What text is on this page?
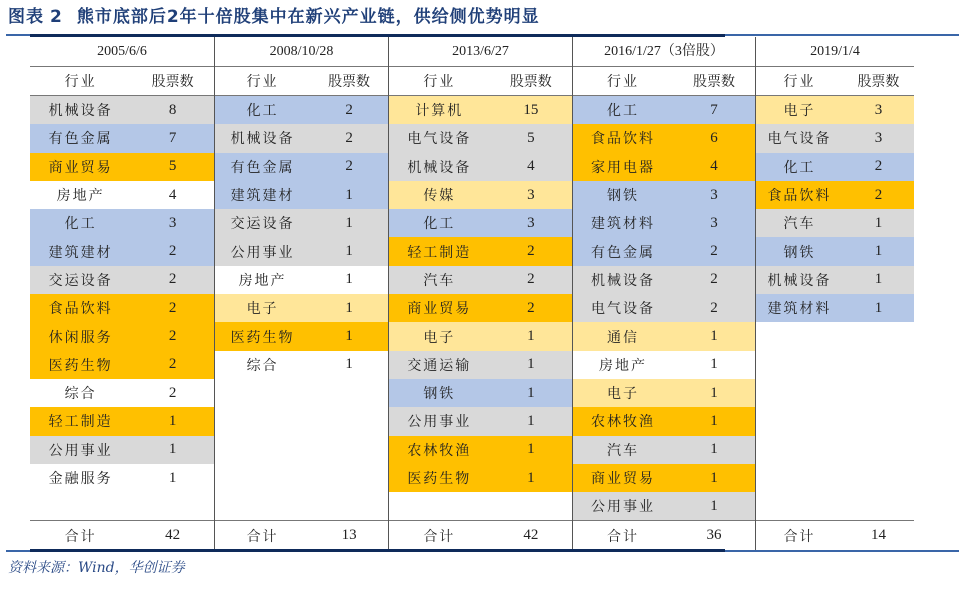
图表 2 熊市底部后2年十倍股集中在新兴产业链，供给侧优势明显
2005/6/6
行业	股票数
机械设备	8
有色金属	7
商业贸易	5
房地产	4
化工	3
建筑建材	2
交运设备	2
食品饮料	2
休闲服务	2
医药生物	2
综合	2
轻工制造	1
公用事业	1
金融服务	1
合计	42
2008/10/28
行业	股票数
化工	2
机械设备	2
有色金属	2
建筑建材	1
交运设备	1
公用事业	1
房地产	1
电子	1
医药生物	1
综合	1
合计	13
2013/6/27
行业	股票数
计算机	15
电气设备	5
机械设备	4
传媒	3
化工	3
轻工制造	2
汽车	2
商业贸易	2
电子	1
交通运输	1
钢铁	1
公用事业	1
农林牧渔	1
医药生物	1
合计	42
2016/1/27（3倍股）
行业	股票数
化工	7
食品饮料	6
家用电器	4
钢铁	3
建筑材料	3
有色金属	2
机械设备	2
电气设备	2
通信	1
房地产	1
电子	1
农林牧渔	1
汽车	1
商业贸易	1
公用事业	1
合计	36
2019/1/4
行业	股票数
电子	3
电气设备	3
化工	2
食品饮料	2
汽车	1
钢铁	1
机械设备	1
建筑材料	1
合计	14
资料来源：Wind，华创证券
